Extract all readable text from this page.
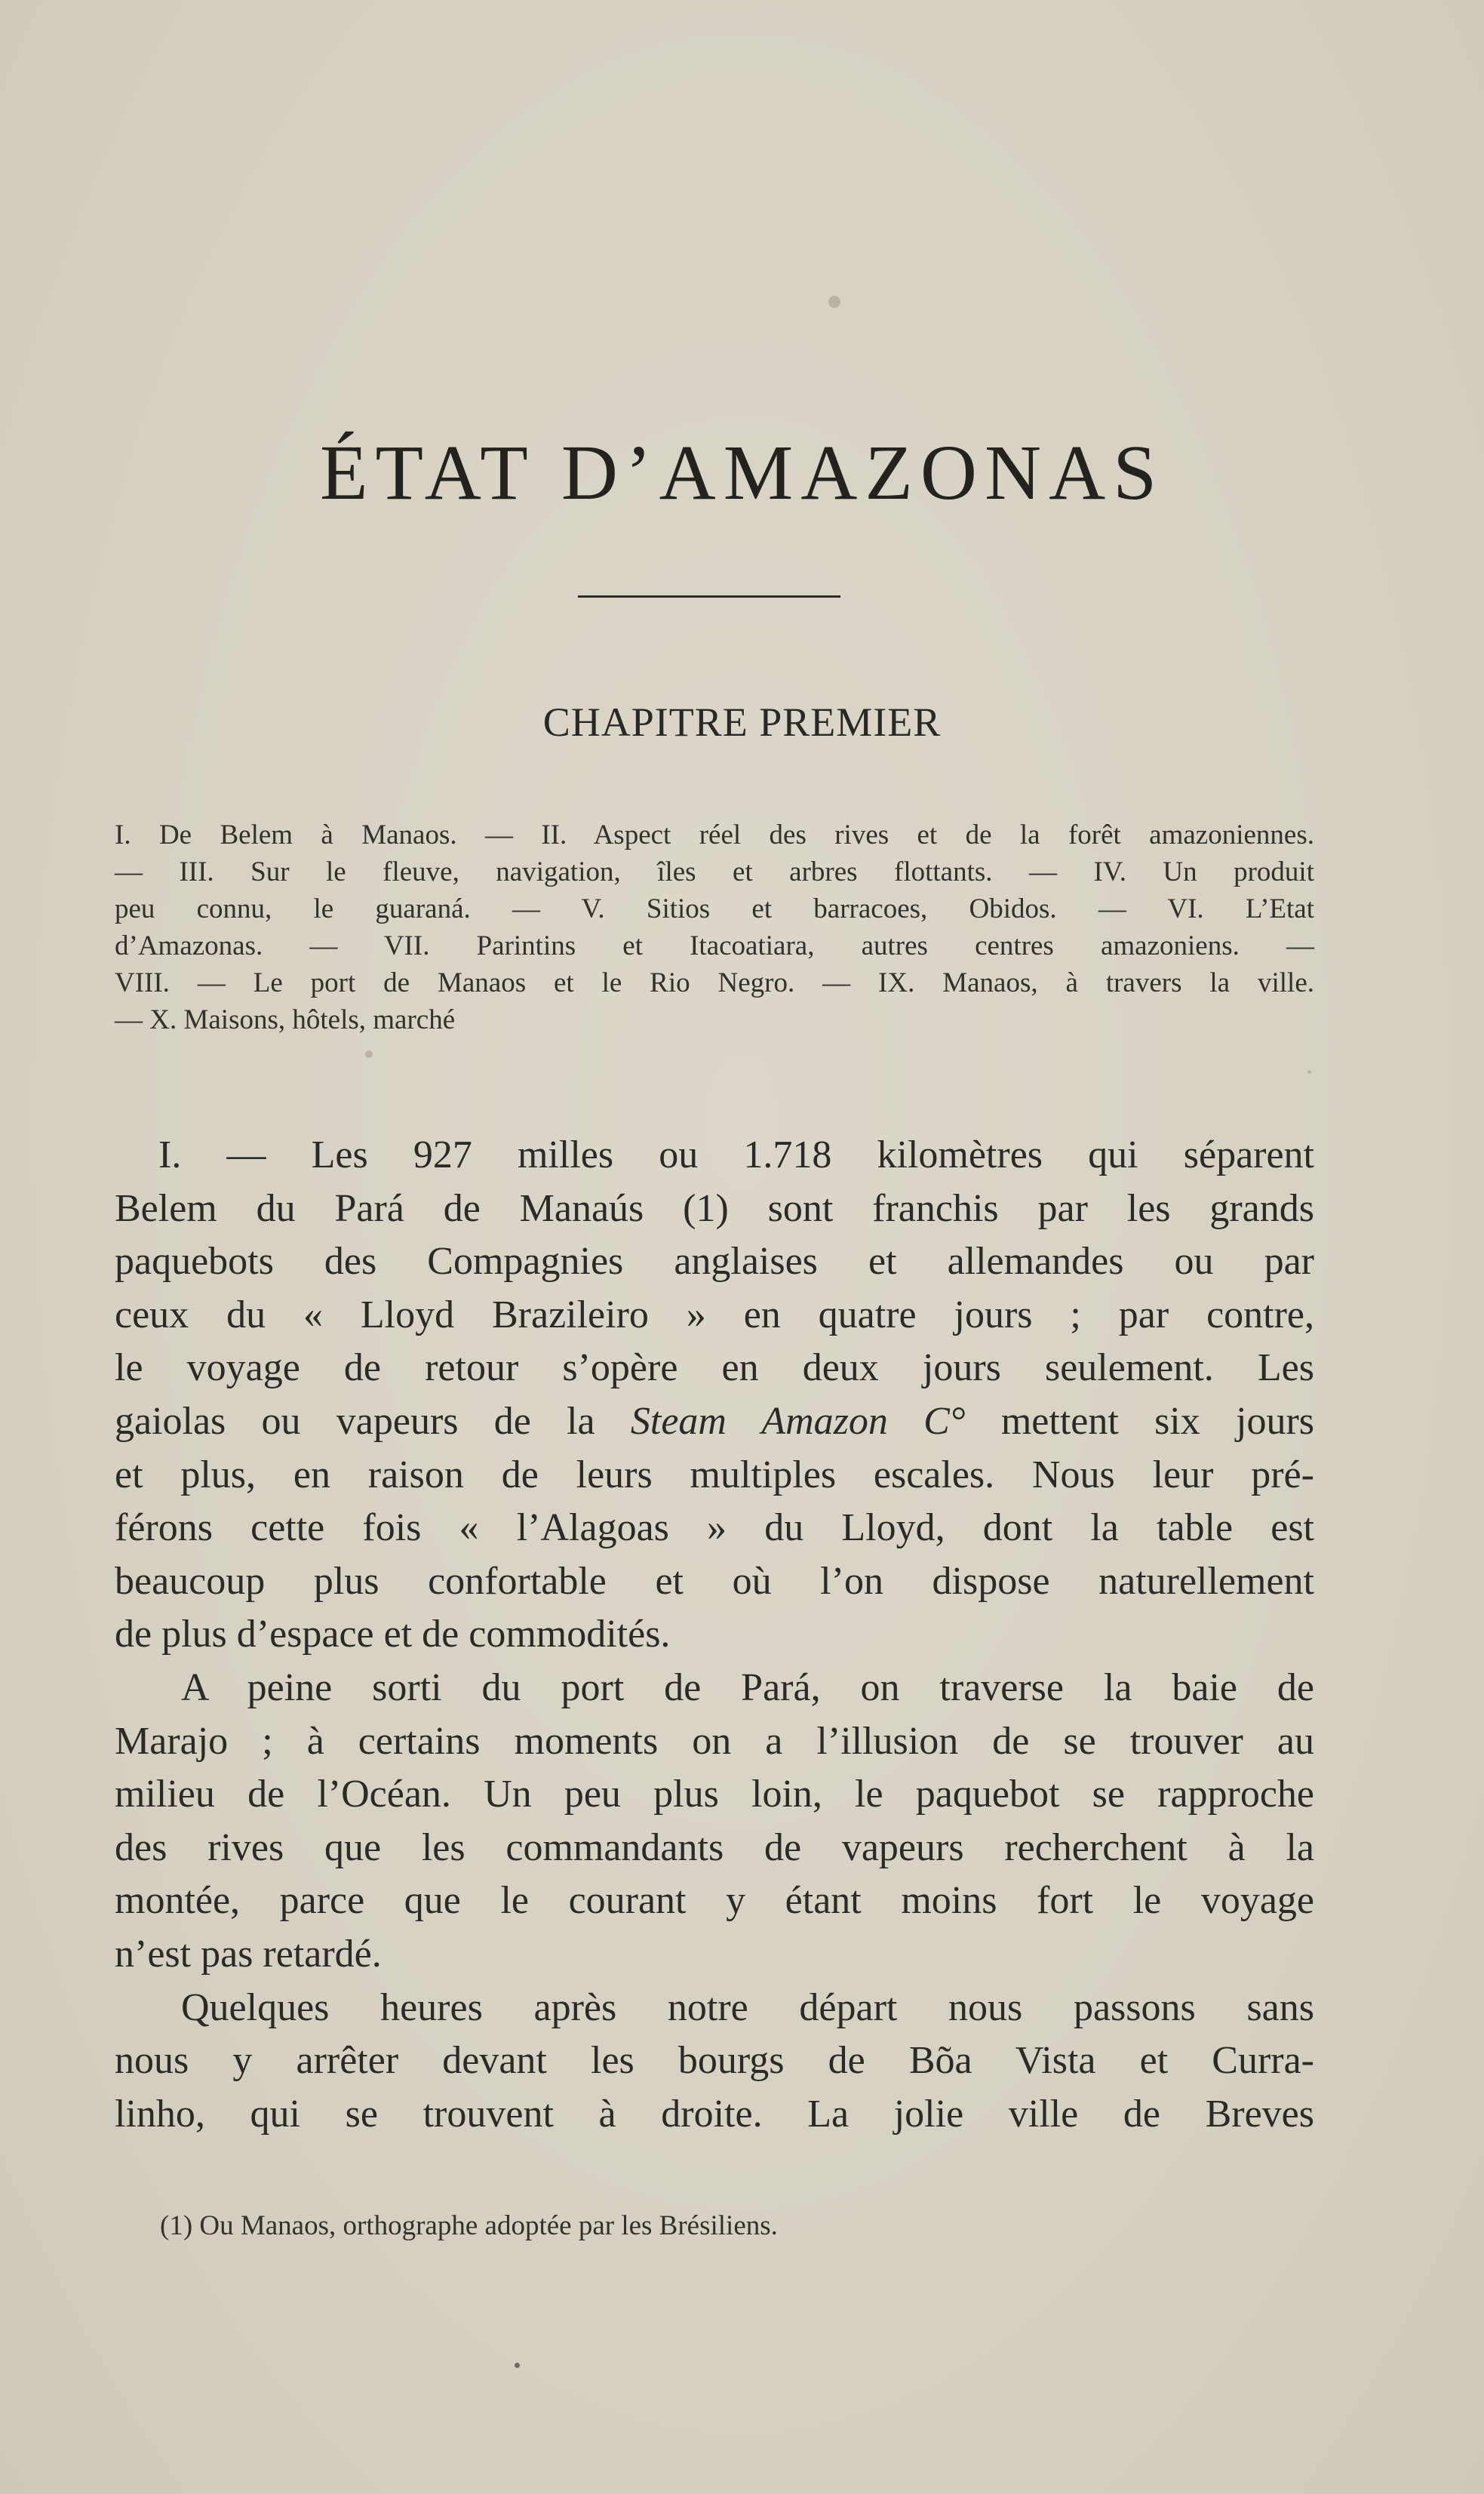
ÉTAT D’AMAZONAS
CHAPITRE PREMIER
I. De Belem à Manaos. — II. Aspect réel des rives et de la forêt amazoniennes.
— III. Sur le fleuve, navigation, îles et arbres flottants. — IV. Un produit
peu connu, le guaraná. — V. Sitios et barracoes, Obidos. — VI. L’Etat
d’Amazonas. — VII. Parintins et Itacoatiara, autres centres amazoniens. —
VIII. — Le port de Manaos et le Rio Negro. — IX. Manaos, à travers la ville.
— X. Maisons, hôtels, marché
I. — Les 927 milles ou 1.718 kilomètres qui séparent
Belem du Pará de Manaús (1) sont franchis par les grands
paquebots des Compagnies anglaises et allemandes ou par
ceux du « Lloyd Brazileiro » en quatre jours ; par contre,
le voyage de retour s’opère en deux jours seulement. Les
gaiolas ou vapeurs de la Steam Amazon C° mettent six jours
et plus, en raison de leurs multiples escales. Nous leur pré-
férons cette fois « l’Alagoas » du Lloyd, dont la table est
beaucoup plus confortable et où l’on dispose naturellement
de plus d’espace et de commodités.
A peine sorti du port de Pará, on traverse la baie de
Marajo ; à certains moments on a l’illusion de se trouver au
milieu de l’Océan. Un peu plus loin, le paquebot se rapproche
des rives que les commandants de vapeurs recherchent à la
montée, parce que le courant y étant moins fort le voyage
n’est pas retardé.
Quelques heures après notre départ nous passons sans
nous y arrêter devant les bourgs de Bõa Vista et Curra-
linho, qui se trouvent à droite. La jolie ville de Breves
(1) Ou Manaos, orthographe adoptée par les Brésiliens.
